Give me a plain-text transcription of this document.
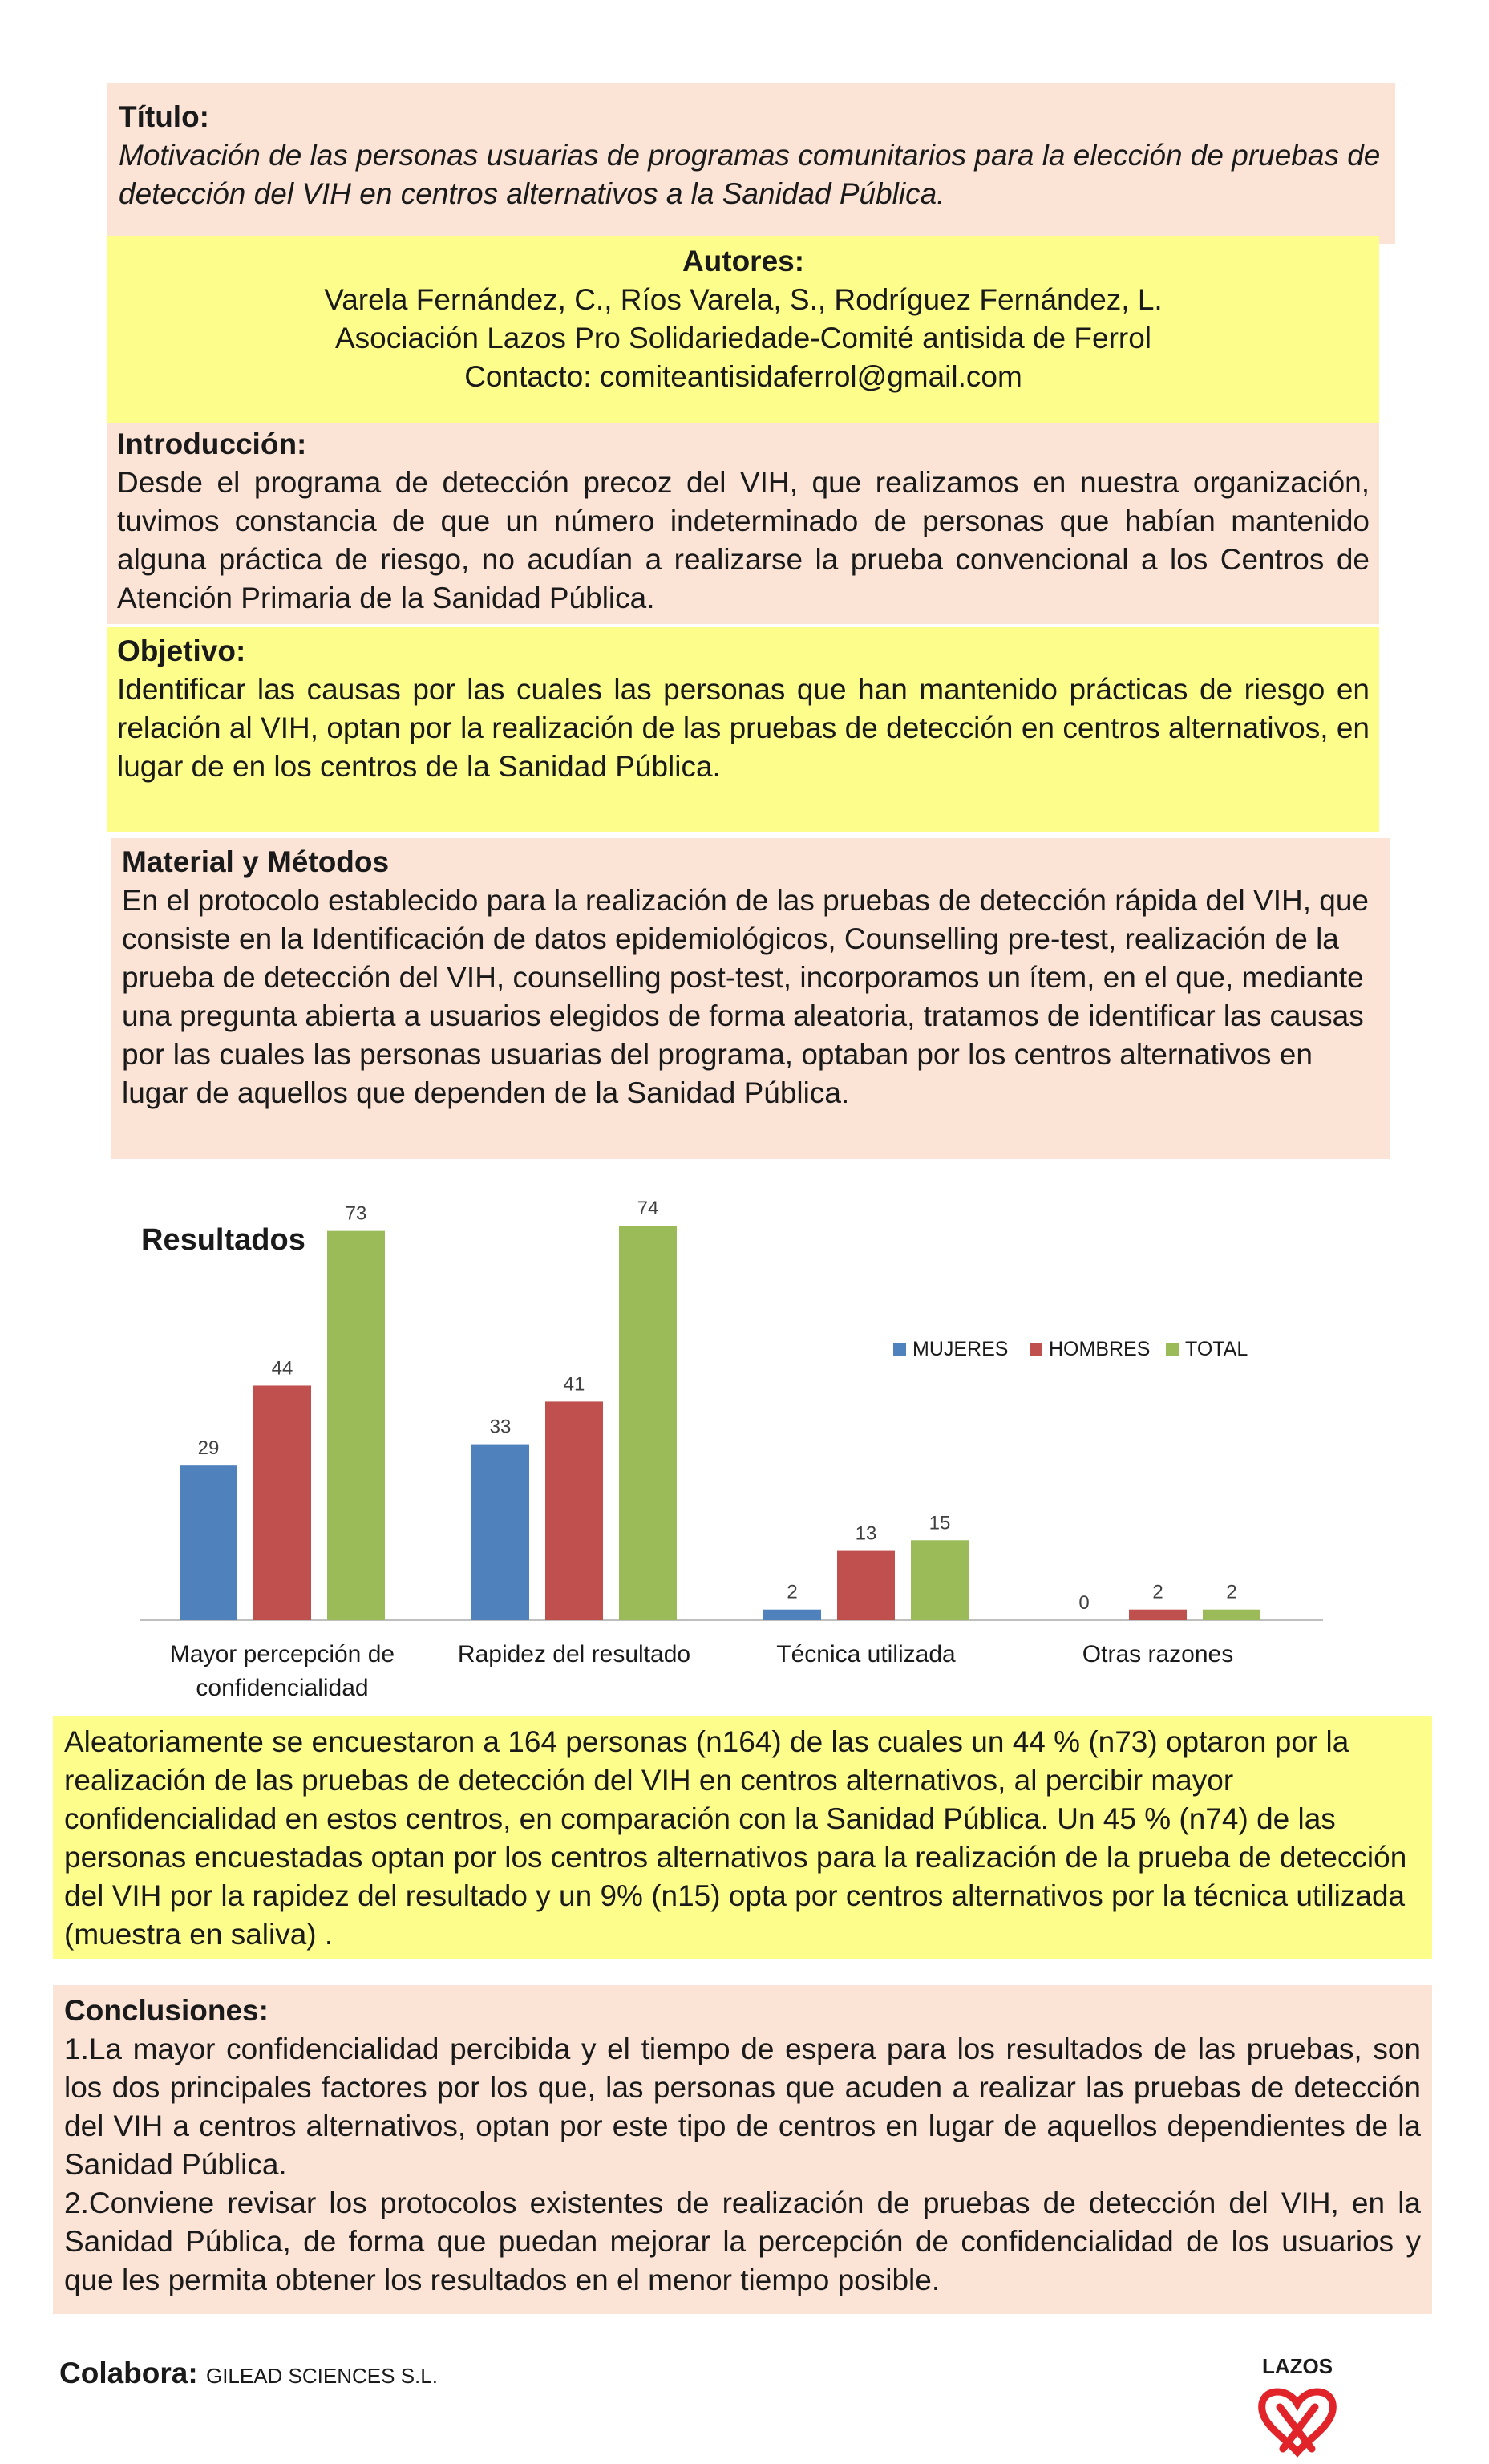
Título:
Motivación de las personas usuarias de programas comunitarios para la elección de pruebas de detección del VIH en centros alternativos a la Sanidad Pública.
Autores:
Varela Fernández, C., Ríos Varela, S., Rodríguez Fernández, L.
Asociación Lazos Pro Solidariedade-Comité antisida de Ferrol
Contacto: comiteantisidaferrol@gmail.com
Introducción:
Desde el programa de detección precoz del VIH, que realizamos en nuestra organización, tuvimos constancia de que un número indeterminado de personas que habían mantenido alguna práctica de riesgo, no acudían a realizarse la prueba convencional a los Centros de Atención Primaria de la Sanidad Pública.
Objetivo:
Identificar las causas por las cuales las personas que han mantenido prácticas de riesgo en relación al VIH, optan por la realización de las pruebas de detección en centros alternativos, en lugar de en los centros de la Sanidad Pública.
Material y Métodos
En el protocolo establecido para la realización de las pruebas de detección rápida del VIH, que consiste en la Identificación de datos epidemiológicos, Counselling pre-test, realización de la prueba de detección del VIH, counselling post-test, incorporamos un ítem, en el que, mediante una pregunta abierta a usuarios elegidos de forma aleatoria, tratamos de identificar las causas por las cuales las personas usuarias del programa, optaban por los centros alternativos en lugar de aquellos que dependen de la Sanidad Pública.
Resultados
29
44
73
Mayor percepción de confidencialidad
33
41
74
Rapidez del resultado
2
13	15
Técnica utilizada
0	2	2
Otras razones
MUJERES HOMBRES TOTAL
Aleatoriamente se encuestaron a 164 personas (n164) de las cuales un 44 % (n73) optaron por la realización de las pruebas de detección del VIH en centros alternativos, al percibir mayor confidencialidad en estos centros, en comparación con la Sanidad Pública. Un 45 % (n74) de las personas encuestadas optan por los centros alternativos para la realización de la prueba de detección del VIH por la rapidez del resultado y un 9% (n15) opta por centros alternativos por la técnica utilizada (muestra en saliva) .
Conclusiones:
1.La mayor confidencialidad percibida y el tiempo de espera para los resultados de las pruebas, son los dos principales factores por los que, las personas que acuden a realizar las pruebas de detección del VIH a centros alternativos, optan por este tipo de centros en lugar de aquellos dependientes de la Sanidad Pública.
2.Conviene revisar los protocolos existentes de realización de pruebas de detección del VIH, en la Sanidad Pública, de forma que puedan mejorar la percepción de confidencialidad de los usuarios y que les permita obtener los resultados en el menor tiempo posible.
Colabora: GILEAD SCIENCES S.L.	LAZOS
